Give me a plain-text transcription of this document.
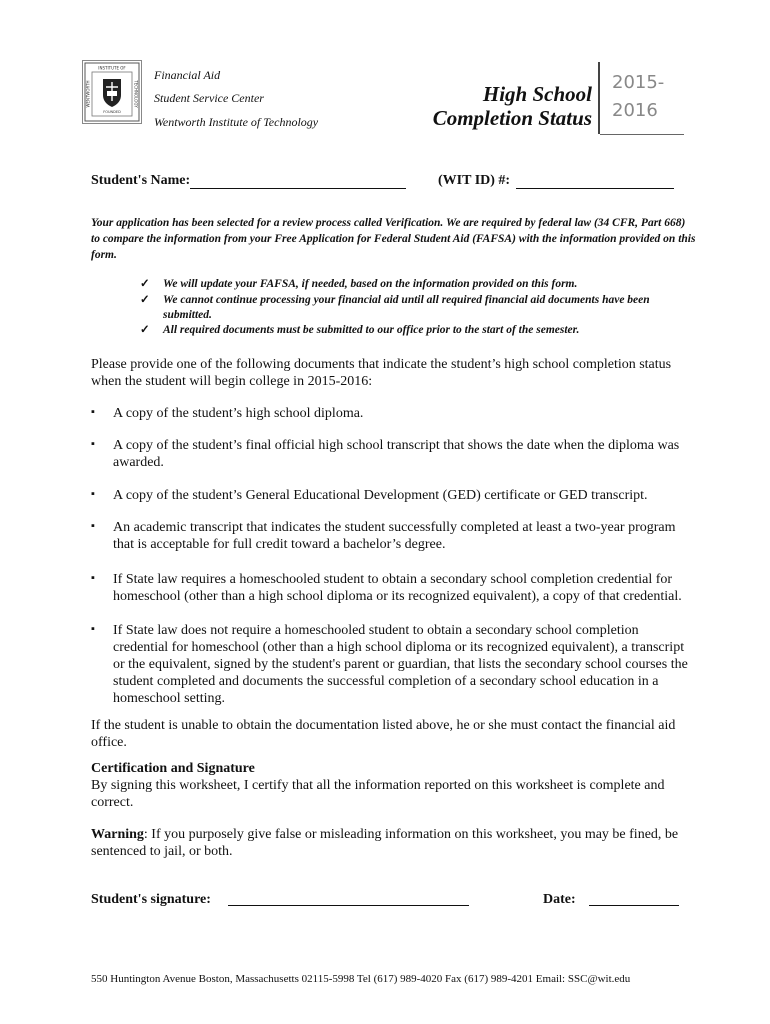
INSTITUTE OF
WENTWORTH	TECHNOLOGY
FOUNDED
Financial Aid
Student Service Center
Wentworth Institute of Technology
High School
Completion Status
2015-
2016
Student's Name:	(WIT ID) #:
Your application has been selected for a review process called Verification. We are required by federal law (34 CFR, Part 668) to compare the information from your Free Application for Federal Student Aid (FAFSA) with the information provided on this form.
✓ We will update your FAFSA, if needed, based on the information provided on this form.
✓ We cannot continue processing your financial aid until all required financial aid documents have been submitted.
✓ All required documents must be submitted to our office prior to the start of the semester.
Please provide one of the following documents that indicate the student’s high school completion status when the student will begin college in 2015-2016:
▪ A copy of the student’s high school diploma.
▪ A copy of the student’s final official high school transcript that shows the date when the diploma was awarded.
▪ A copy of the student’s General Educational Development (GED) certificate or GED transcript.
▪ An academic transcript that indicates the student successfully completed at least a two-year program that is acceptable for full credit toward a bachelor’s degree.
▪ If State law requires a homeschooled student to obtain a secondary school completion credential for homeschool (other than a high school diploma or its recognized equivalent), a copy of that credential.
▪ If State law does not require a homeschooled student to obtain a secondary school completion credential for homeschool (other than a high school diploma or its recognized equivalent), a transcript or the equivalent, signed by the student's parent or guardian, that lists the secondary school courses the student completed and documents the successful completion of a secondary school education in a homeschool setting.
If the student is unable to obtain the documentation listed above, he or she must contact the financial aid office.
Certification and Signature
By signing this worksheet, I certify that all the information reported on this worksheet is complete and correct.
Warning: If you purposely give false or misleading information on this worksheet, you may be fined, be sentenced to jail, or both.
Student's signature:	Date:
550 Huntington Avenue Boston, Massachusetts 02115-5998 Tel (617) 989-4020 Fax (617) 989-4201 Email: SSC@wit.edu
